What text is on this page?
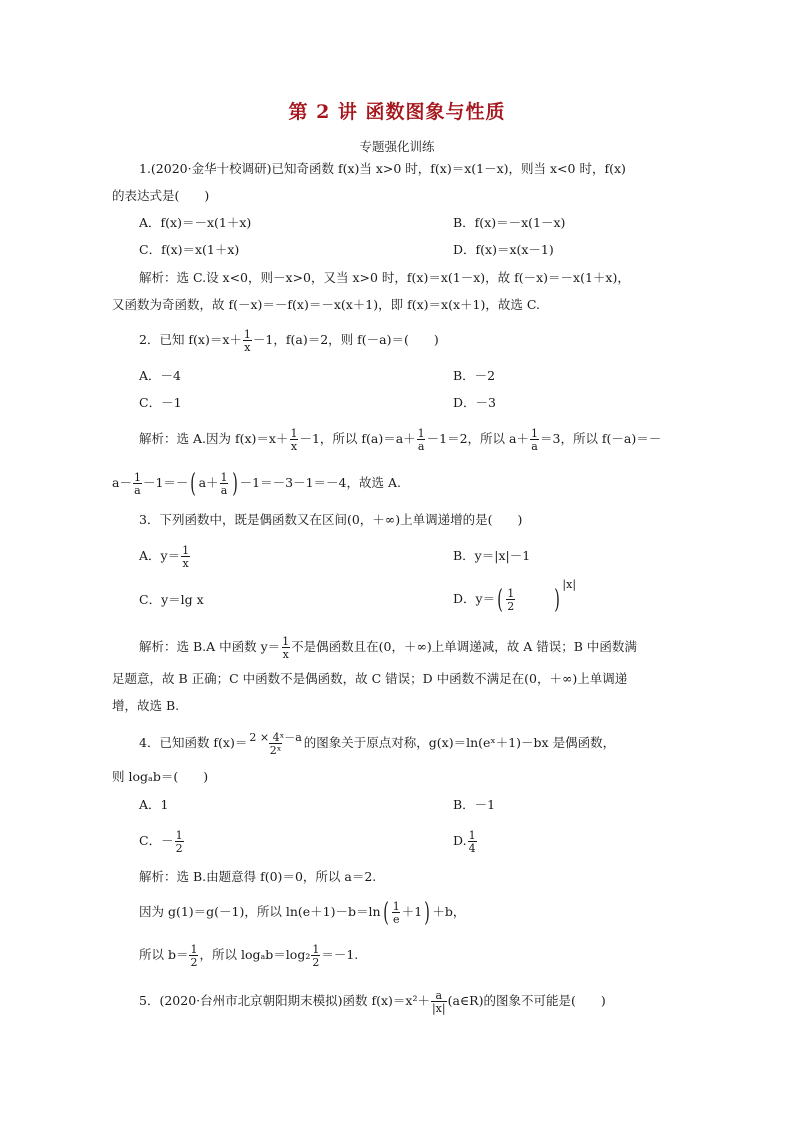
第 2 讲 函数图象与性质
专题强化训练
1.(2020·金华十校调研)已知奇函数 f(x)当 x>0 时，f(x)＝x(1－x)，则当 x<0 时，f(x)
的表达式是(　　)
A．f(x)＝－x(1＋x)	B．f(x)＝－x(1－x)
C．f(x)＝x(1＋x)	D．f(x)＝x(x－1)
解析：选 C.设 x<0，则－x>0，又当 x>0 时，f(x)＝x(1－x)，故 f(－x)＝－x(1＋x)，
又函数为奇函数，故 f(－x)＝－f(x)＝－x(x＋1)，即 f(x)＝x(x＋1)，故选 C.
2．已知 $f(x)=x+ \frac{1}{x} -1$，f(a)＝2，则 f(－a)＝(　　)
A．－4	B．－2
C．－1	D．－3
解析：选 A.因为 $f(x)=x+ \frac{1}{x} -1$，所以 $f(a)=a+ \frac{1}{a} -1=2$，所以 $a+ \frac{1}{a} =3$，所以 f(－a)＝－
$a- \frac{1}{a} -1=-$( $a+ \frac{1}{a}$ ) －1＝－3－1＝－4，故选 A.
3．下列函数中，既是偶函数又在区间(0，＋∞)上单调递增的是(　　)
A．$y= \frac{1}{x}$	B．y＝|x|－1
C．y＝lg x	D．$y=( \frac{1}{2} )|x|$
解析：选 B.A 中函数 $y= \frac{1}{x}$ 不是偶函数且在(0，＋∞)上单调递减，故 A 错误；B 中函数满
足题意，故 B 正确；C 中函数不是偶函数，故 C 错误；D 中函数不满足在(0，＋∞)上单调递
增，故选 B.
4．已知函数 $f(x)= \frac{\text{2 × 4ˣ－a}}{\text{2ˣ}}$ 的图象关于原点对称，g(x)＝ln(eˣ＋1)－bx 是偶函数，
则 logₐb＝(　　)
A．1	B．－1
C．－ $\frac{1}{2}$	D. $\frac{1}{4}$
解析：选 B.由题意得 f(0)＝0，所以 a＝2.
因为 g(1)＝g(－1)，所以 $\ln(e+1)-b=\ln( \frac{1}{e} +1) +b$，
所以 $b= \frac{1}{2}$ ，所以 $\log_ab=\log_2 \frac{1}{2} =-1$.
5．(2020·台州市北京朝阳期末模拟)函数 $f(x)=x^2+ \frac{a}{|x|}$ (a∈R)的图象不可能是(　　)
